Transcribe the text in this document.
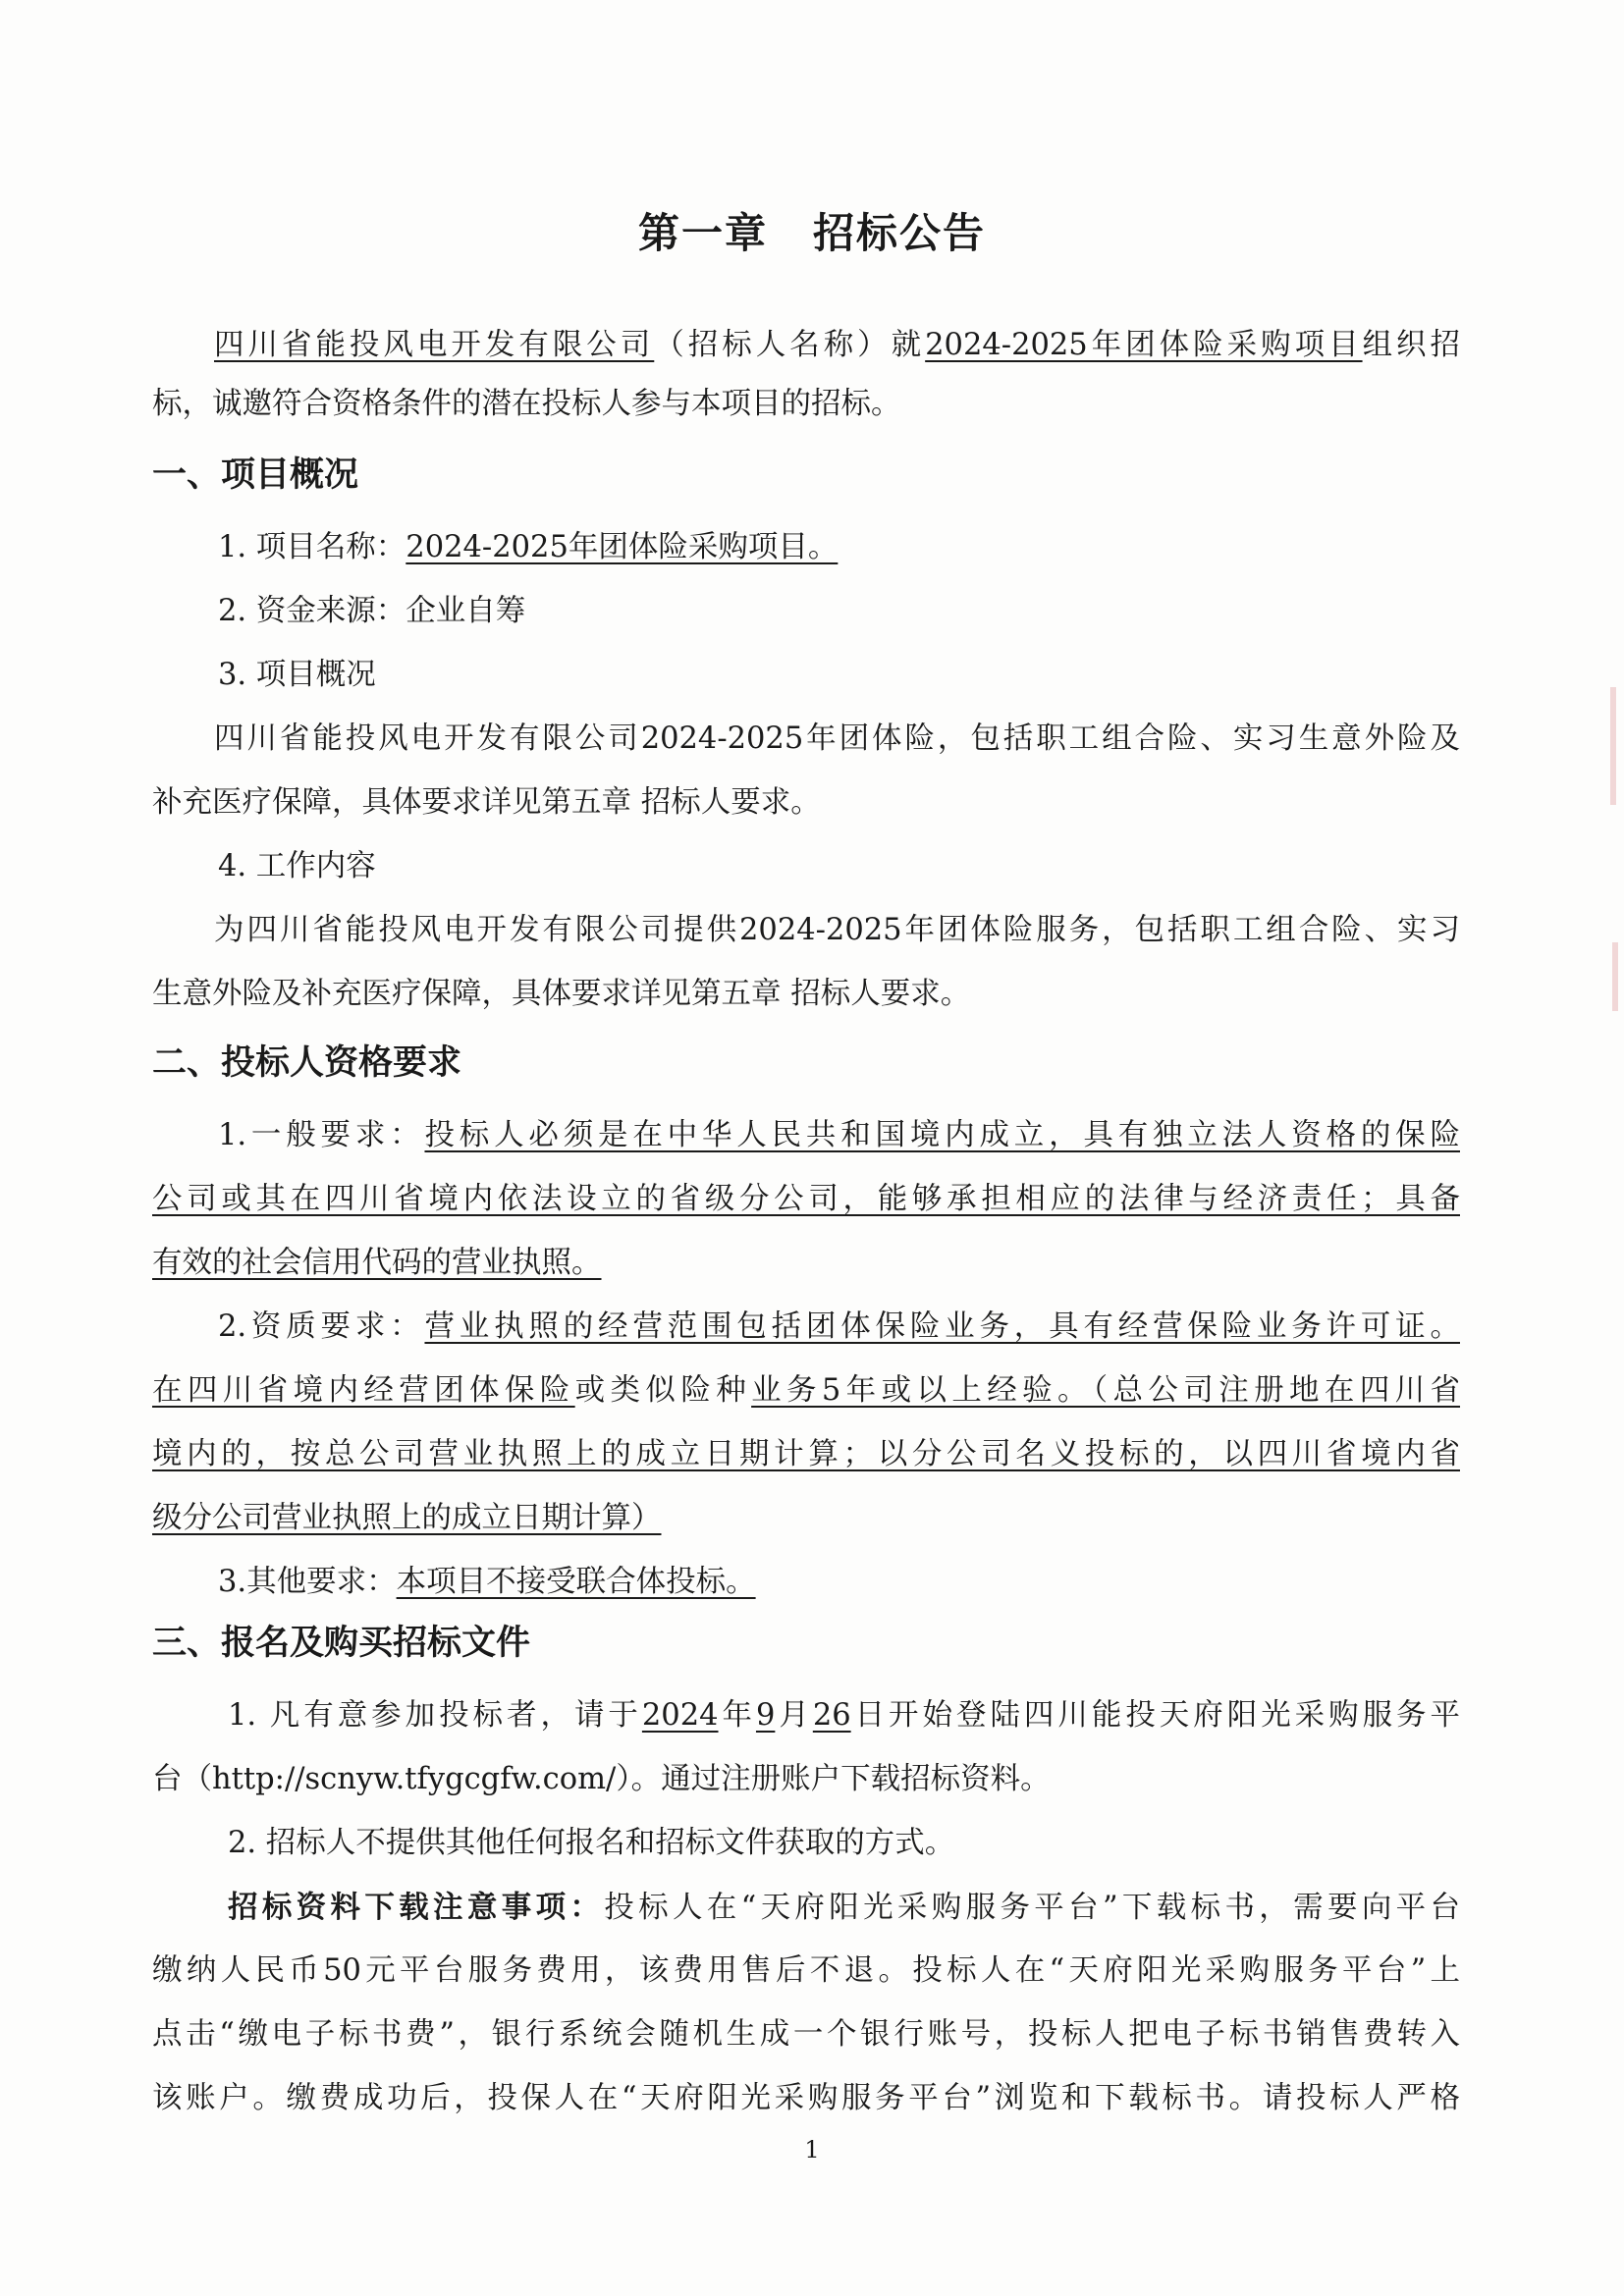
第一章 招标公告
四川省能投风电开发有限公司（招标人名称）就2024-2025年团体险采购项目组织招
标，诚邀符合资格条件的潜在投标人参与本项目的招标。
一、项目概况
1. 项目名称：2024-2025年团体险采购项目。
2. 资金来源：企业自筹
3. 项目概况
四川省能投风电开发有限公司2024-2025年团体险，包括职工组合险、实习生意外险及
补充医疗保障，具体要求详见第五章 招标人要求。
4. 工作内容
为四川省能投风电开发有限公司提供2024-2025年团体险服务，包括职工组合险、实习
生意外险及补充医疗保障，具体要求详见第五章 招标人要求。
二、投标人资格要求
1.一般要求：投标人必须是在中华人民共和国境内成立，具有独立法人资格的保险
公司或其在四川省境内依法设立的省级分公司，能够承担相应的法律与经济责任；具备
有效的社会信用代码的营业执照。
2.资质要求：营业执照的经营范围包括团体保险业务，具有经营保险业务许可证。
在四川省境内经营团体保险或类似险种业务5年或以上经验。（总公司注册地在四川省
境内的，按总公司营业执照上的成立日期计算；以分公司名义投标的，以四川省境内省
级分公司营业执照上的成立日期计算）
3.其他要求：本项目不接受联合体投标。
三、报名及购买招标文件
1. 凡有意参加投标者，请于2024年9月26日开始登陆四川能投天府阳光采购服务平
台（http://scnyw.tfygcgfw.com/）。通过注册账户下载招标资料。
2. 招标人不提供其他任何报名和招标文件获取的方式。
招标资料下载注意事项：投标人在“天府阳光采购服务平台”下载标书，需要向平台
缴纳人民币50元平台服务费用，该费用售后不退。投标人在“天府阳光采购服务平台”上
点击“缴电子标书费”，银行系统会随机生成一个银行账号，投标人把电子标书销售费转入
该账户。缴费成功后，投保人在“天府阳光采购服务平台”浏览和下载标书。请投标人严格
1
